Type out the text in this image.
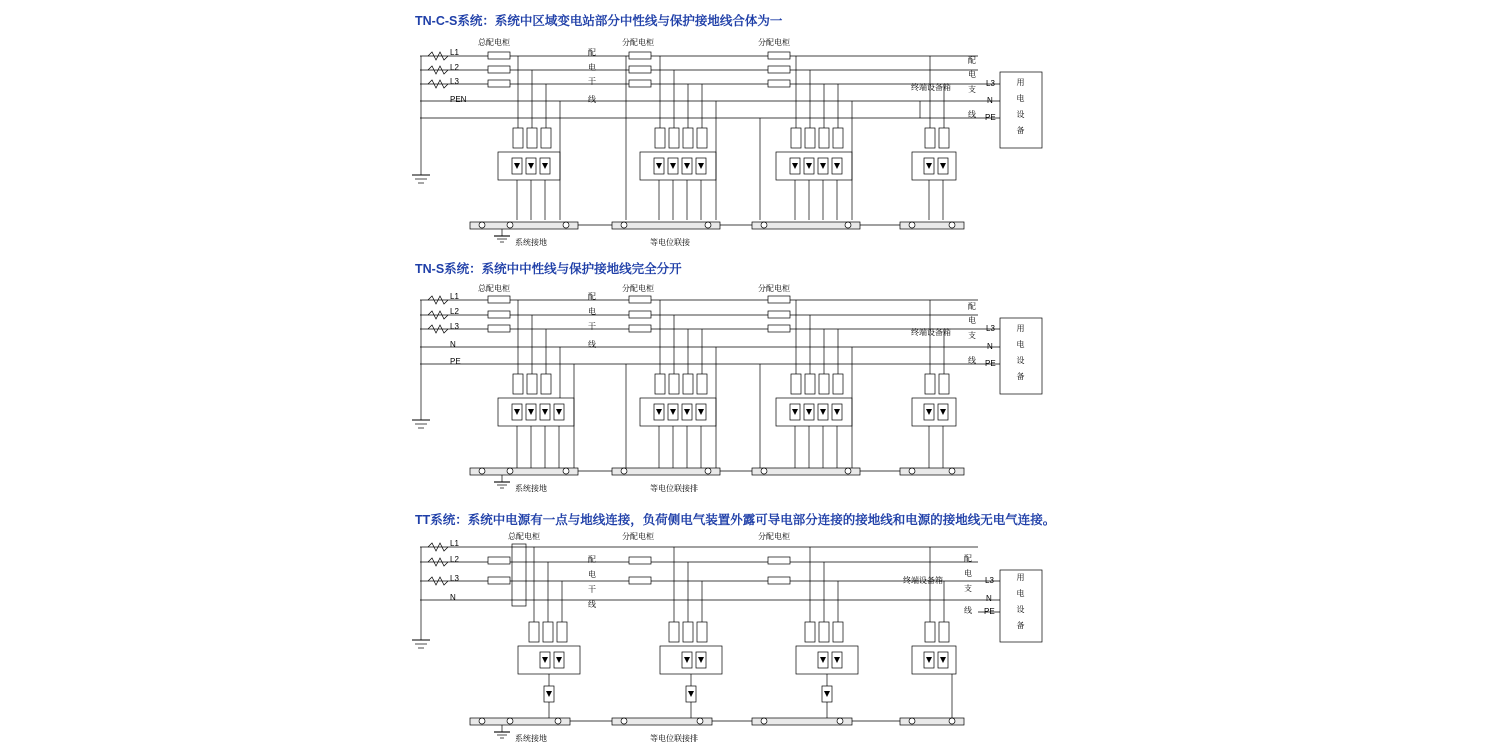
TN-C-S系统：系统中区域变电站部分中性线与保护接地线合体为一
L1
L2
L3
PEN
总配电柜	分配电柜	分配电柜
配
电
干
线
配
电
支
线
终端设备箱	L3
N
PE
用
电
设
备
系统接地	等电位联接
TN-S系统：系统中中性线与保护接地线完全分开
L1
L2
L3
N
PE
总配电柜	分配电柜	分配电柜
配
电
干
线
配
电
支
线
终端设备箱	L3
N
PE
用
电
设
备
系统接地	等电位联接排
TT系统：系统中电源有一点与地线连接，负荷侧电气装置外露可导电部分连接的接地线和电源的接地线无电气连接。
L1
L2
L3
N
总配电柜	分配电柜	分配电柜
配
电
干
线
配
电
支
线
终端设备箱	L3
N
PE
用
电
设
备
系统接地	等电位联接排
